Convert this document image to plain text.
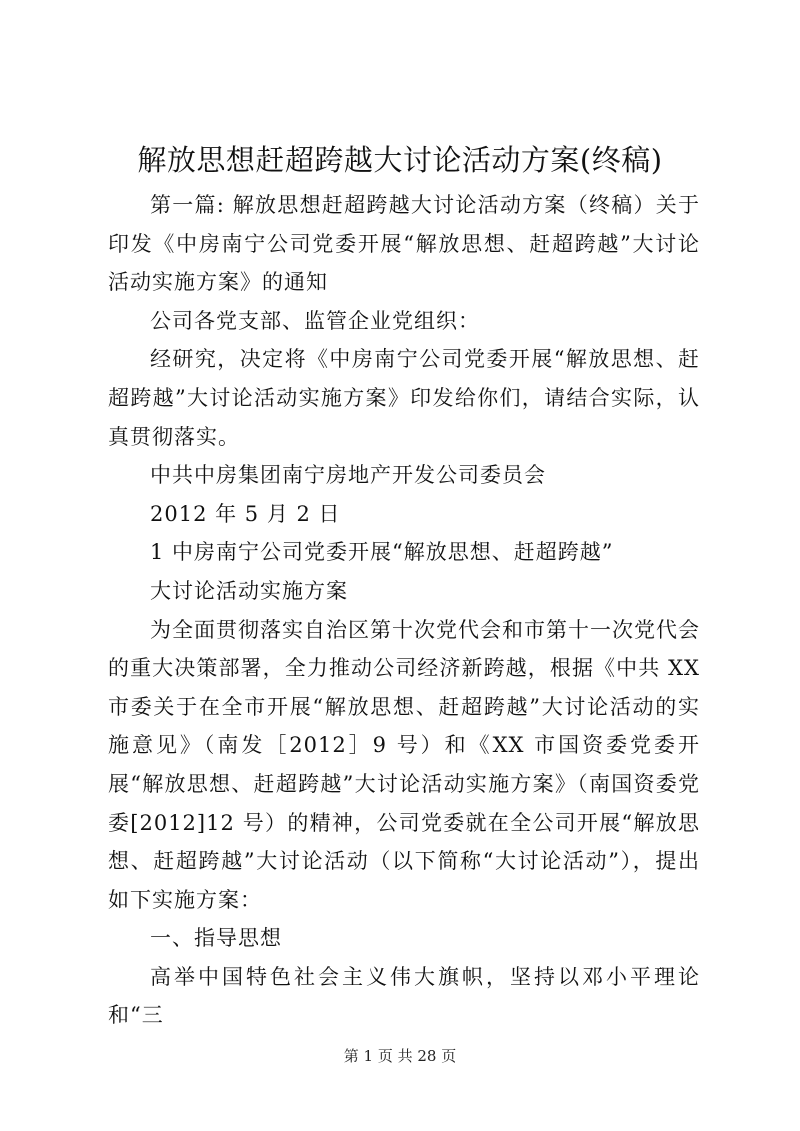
解放思想赶超跨越大讨论活动方案(终稿)

第一篇: 解放思想赶超跨越大讨论活动方案（终稿）关于印发《中房南宁公司党委开展“解放思想、赶超跨越”大讨论活动实施方案》的通知

公司各党支部、监管企业党组织：

经研究，决定将《中房南宁公司党委开展“解放思想、赶超跨越”大讨论活动实施方案》印发给你们，请结合实际，认真贯彻落实。

中共中房集团南宁房地产开发公司委员会

2012 年 5 月 2 日

1 中房南宁公司党委开展“解放思想、赶超跨越”

大讨论活动实施方案

为全面贯彻落实自治区第十次党代会和市第十一次党代会的重大决策部署，全力推动公司经济新跨越，根据《中共 XX 市委关于在全市开展“解放思想、赶超跨越”大讨论活动的实施意见》（南发［2012］9 号）和《XX 市国资委党委开展“解放思想、赶超跨越”大讨论活动实施方案》（南国资委党委[2012]12 号）的精神，公司党委就在全公司开展“解放思想、赶超跨越”大讨论活动（以下简称“大讨论活动”），提出如下实施方案：

一、指导思想

高举中国特色社会主义伟大旗帜，坚持以邓小平理论和“三

第 1 页 共 28 页
